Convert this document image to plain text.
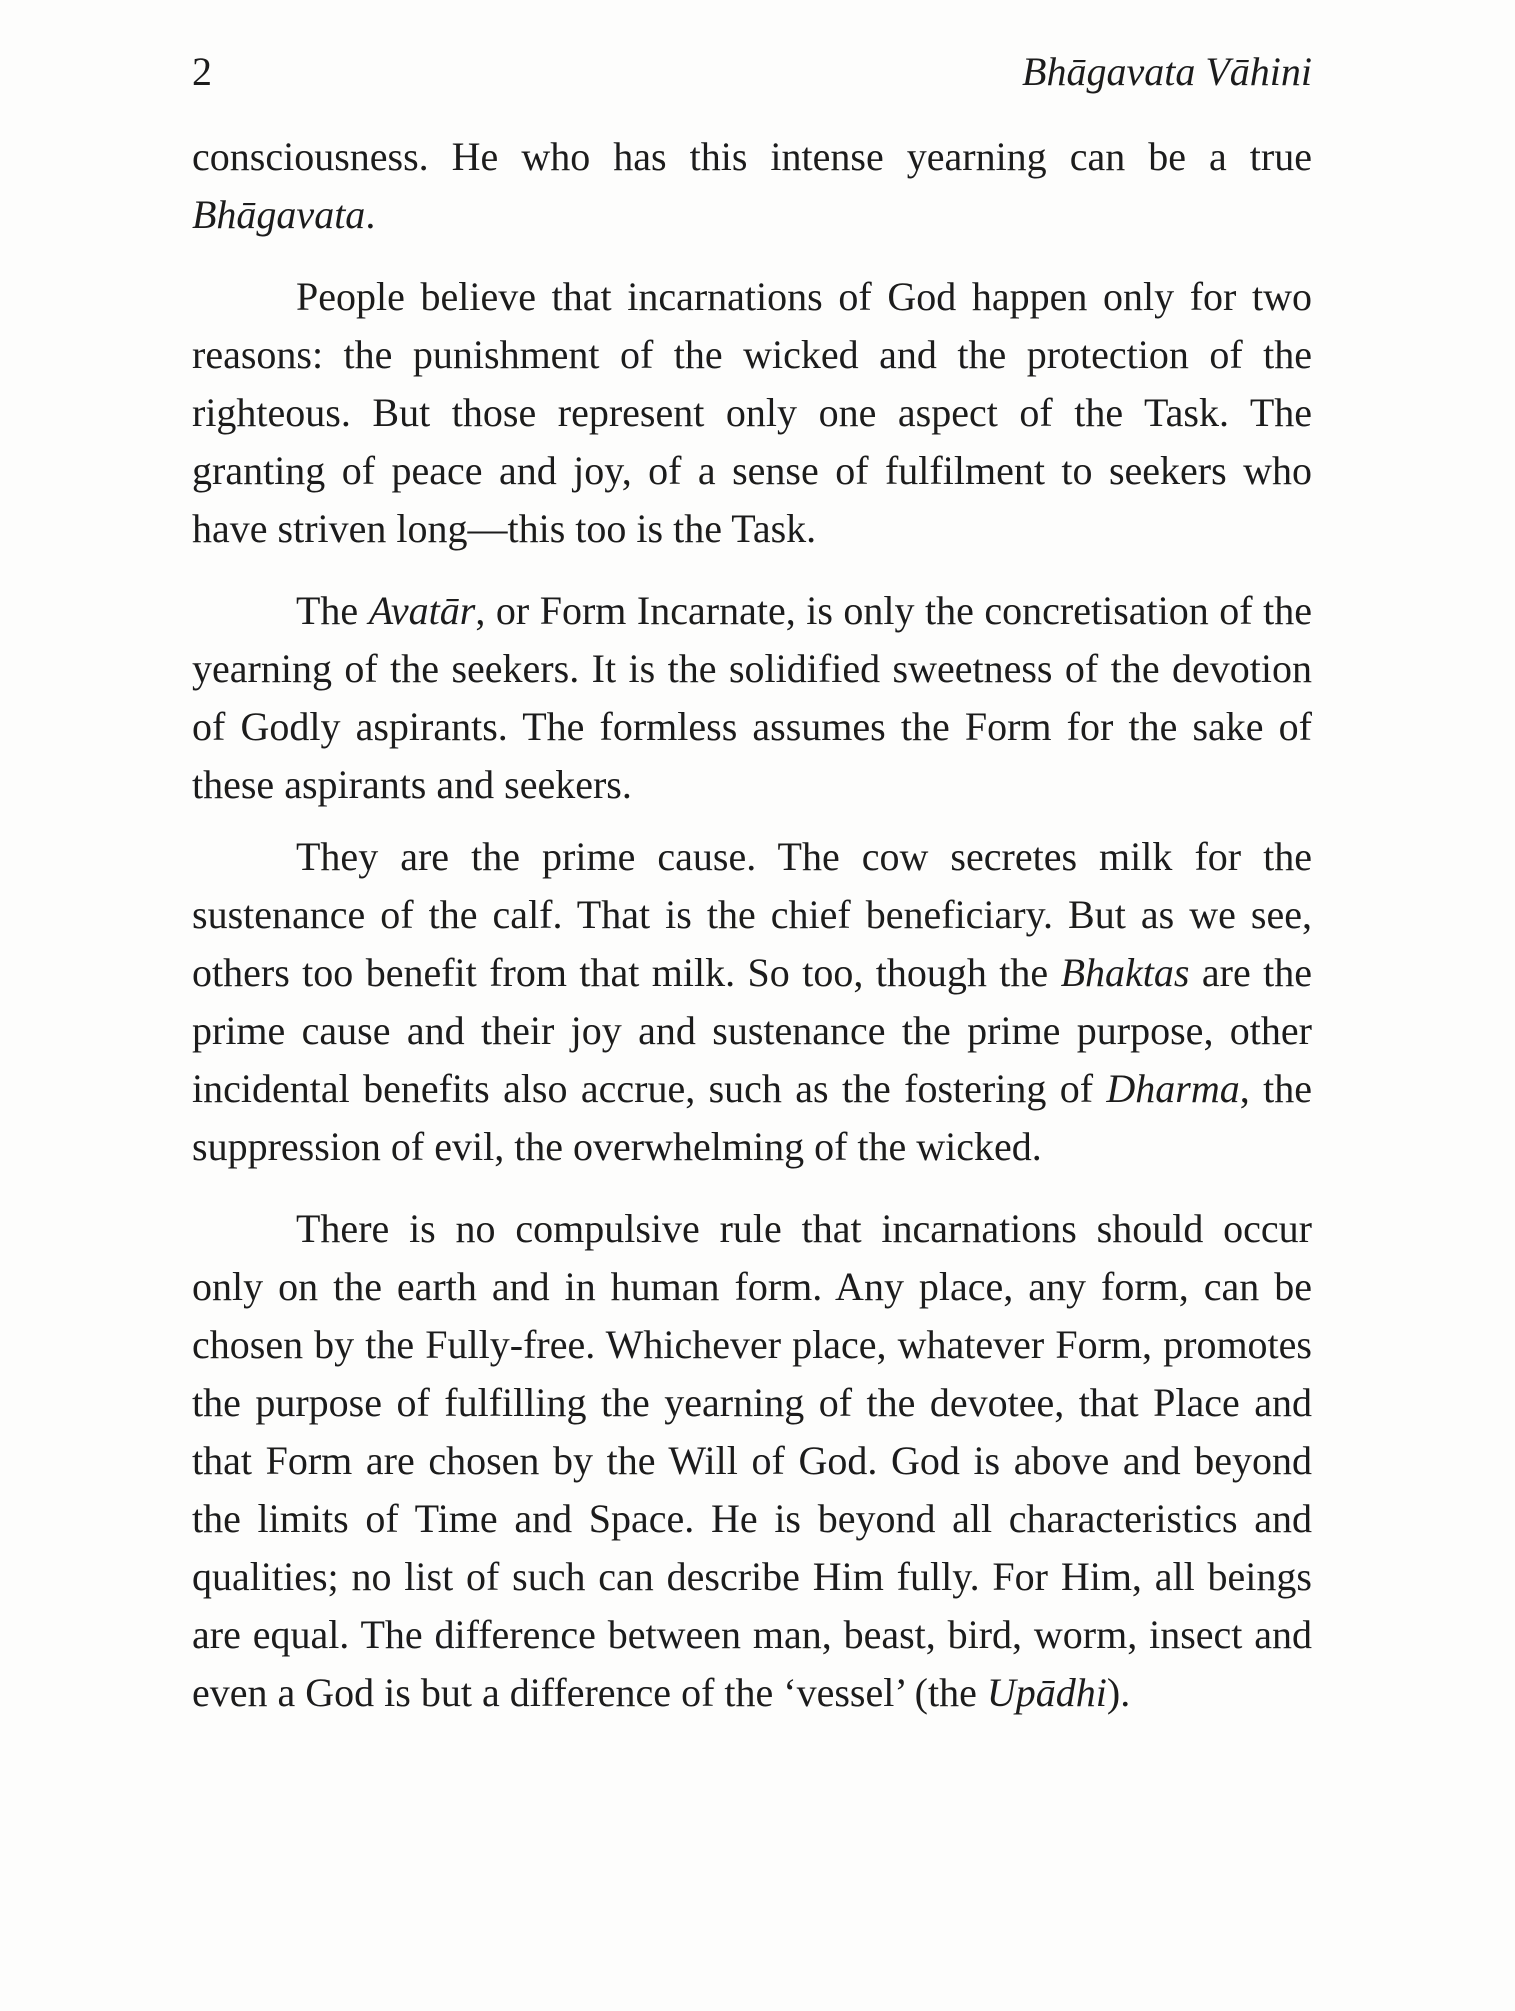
2	Bhāgavata Vāhini

consciousness. He who has this intense yearning can be a true Bhāgavata.

People believe that incarnations of God happen only for two reasons: the punishment of the wicked and the protection of the righteous. But those represent only one aspect of the Task. The granting of peace and joy, of a sense of fulfilment to seekers who have striven long—this too is the Task.

The Avatār, or Form Incarnate, is only the concretisation of the yearning of the seekers. It is the solidified sweetness of the devotion of Godly aspirants. The formless assumes the Form for the sake of these aspirants and seekers.

They are the prime cause. The cow secretes milk for the sustenance of the calf. That is the chief beneficiary. But as we see, others too benefit from that milk. So too, though the Bhaktas are the prime cause and their joy and sustenance the prime purpose, other incidental benefits also accrue, such as the fostering of Dharma, the suppression of evil, the overwhelming of the wicked.

There is no compulsive rule that incarnations should occur only on the earth and in human form. Any place, any form, can be chosen by the Fully-free. Whichever place, whatever Form, promotes the purpose of fulfilling the yearning of the devotee, that Place and that Form are chosen by the Will of God. God is above and beyond the limits of Time and Space. He is beyond all characteristics and qualities; no list of such can describe Him fully. For Him, all beings are equal. The difference between man, beast, bird, worm, insect and even a God is but a difference of the ‘vessel’ (the Upādhi).
